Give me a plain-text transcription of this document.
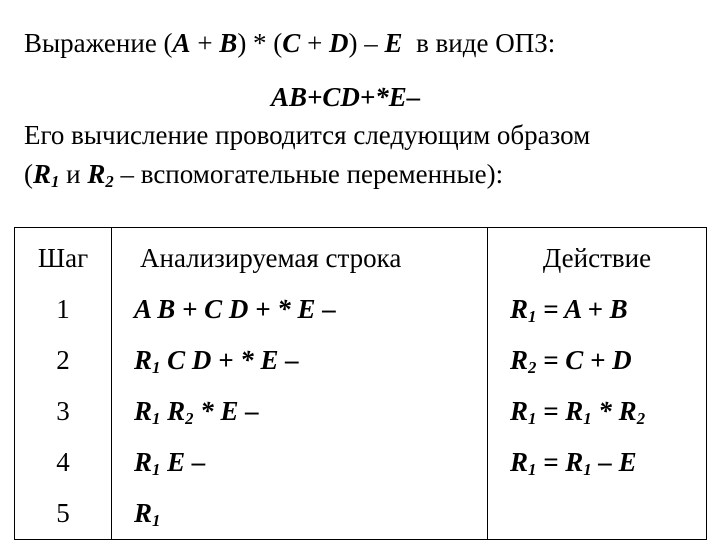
Выражение (A + B) * (C + D) – E  в виде ОПЗ:
AB+CD+*E–
Его вычисление проводится следующим образом
($R_1$ и $R_2$ – вспомогательные переменные):
Шаг	Анализируемая строка	Действие
1	A B + C D + * E –	$R_1 = A + B$
2	$R_1$ C D + * E –	$R_2 = C + D$
3	$R_1$ $R_2$ * E –	$R_1 = R_1 * R_2$
4	$R_1$ E –	$R_1 = R_1 - E$
5	$R_1$	
